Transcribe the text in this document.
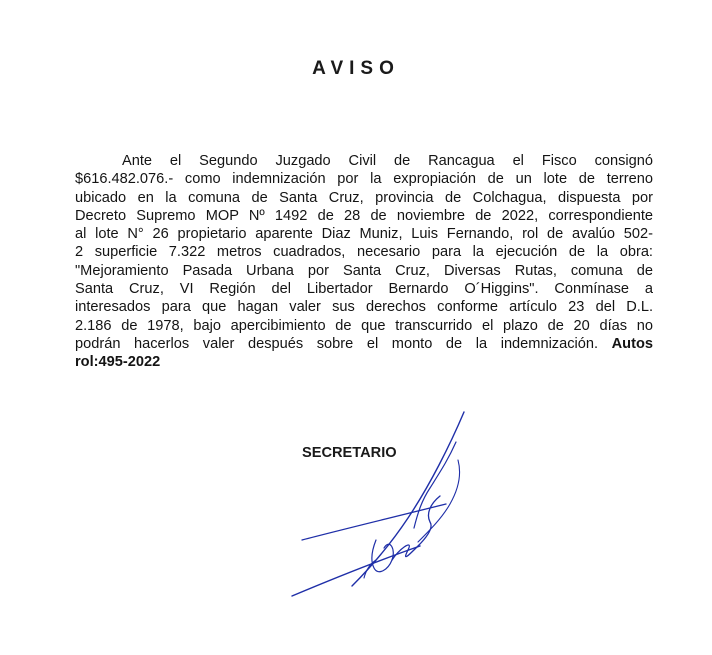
AVISO
Ante el Segundo Juzgado Civil de Rancagua el Fisco consignó
$616.482.076.- como indemnización por la expropiación de un lote de terreno
ubicado en la comuna de Santa Cruz, provincia de Colchagua, dispuesta por
Decreto Supremo MOP Nº 1492 de 28 de noviembre de 2022, correspondiente
al lote N° 26 propietario aparente Diaz Muniz, Luis Fernando, rol de avalúo 502-
2 superficie 7.322 metros cuadrados, necesario para la ejecución de la obra:
"Mejoramiento Pasada Urbana por Santa Cruz, Diversas Rutas, comuna de
Santa Cruz, VI Región del Libertador Bernardo O´Higgins". Conmínase a
interesados para que hagan valer sus derechos conforme artículo 23 del D.L.
2.186 de 1978, bajo apercibimiento de que transcurrido el plazo de 20 días no
podrán hacerlos valer después sobre el monto de la indemnización. Autos
rol:495-2022
SECRETARIO
